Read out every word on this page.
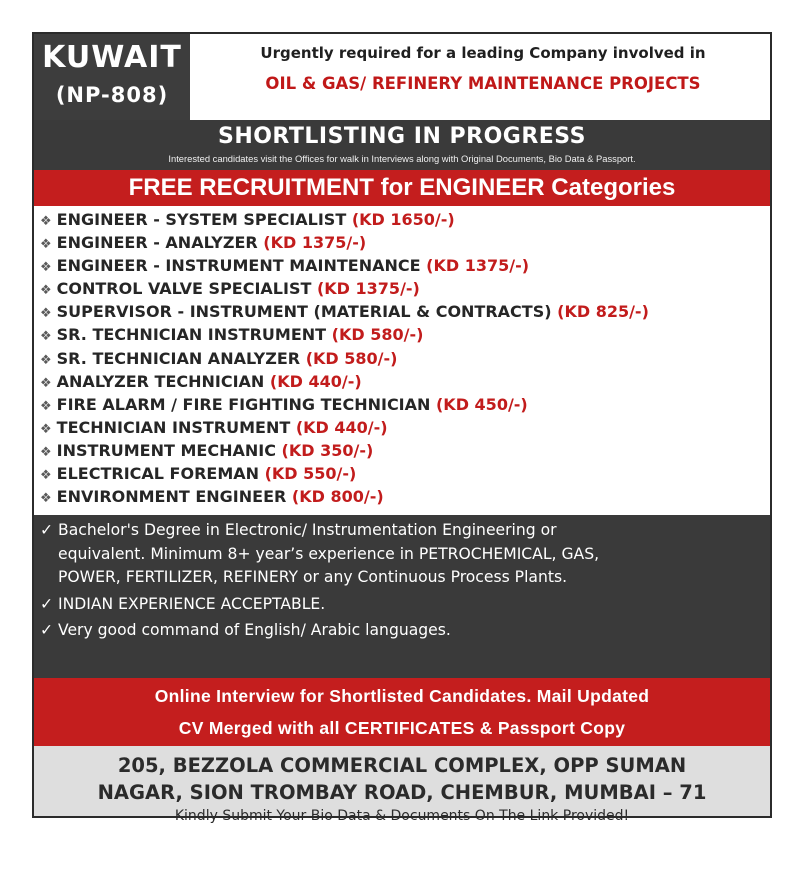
KUWAIT
(NP-808)
Urgently required for a leading Company involved in
OIL & GAS/ REFINERY MAINTENANCE PROJECTS
SHORTLISTING IN PROGRESS
Interested candidates visit the Offices for walk in Interviews along with Original Documents, Bio Data & Passport.
FREE RECRUITMENT for ENGINEER Categories
❖ ENGINEER - SYSTEM SPECIALIST (KD 1650/-)
❖ ENGINEER - ANALYZER (KD 1375/-)
❖ ENGINEER - INSTRUMENT MAINTENANCE (KD 1375/-)
❖ CONTROL VALVE SPECIALIST (KD 1375/-)
❖ SUPERVISOR - INSTRUMENT (MATERIAL & CONTRACTS) (KD 825/-)
❖ SR. TECHNICIAN INSTRUMENT (KD 580/-)
❖ SR. TECHNICIAN ANALYZER (KD 580/-)
❖ ANALYZER TECHNICIAN (KD 440/-)
❖ FIRE ALARM / FIRE FIGHTING TECHNICIAN (KD 450/-)
❖ TECHNICIAN INSTRUMENT (KD 440/-)
❖ INSTRUMENT MECHANIC (KD 350/-)
❖ ELECTRICAL FOREMAN (KD 550/-)
❖ ENVIRONMENT ENGINEER (KD 800/-)
✓ Bachelor's Degree in Electronic/ Instrumentation Engineering or
equivalent. Minimum 8+ year’s experience in PETROCHEMICAL, GAS,
POWER, FERTILIZER, REFINERY or any Continuous Process Plants.
✓ INDIAN EXPERIENCE ACCEPTABLE.
✓ Very good command of English/ Arabic languages.
Online Interview for Shortlisted Candidates. Mail Updated
CV Merged with all CERTIFICATES & Passport Copy
205, BEZZOLA COMMERCIAL COMPLEX, OPP SUMAN
NAGAR, SION TROMBAY ROAD, CHEMBUR, MUMBAI – 71
Kindly Submit Your Bio Data & Documents On The Link Provided!
